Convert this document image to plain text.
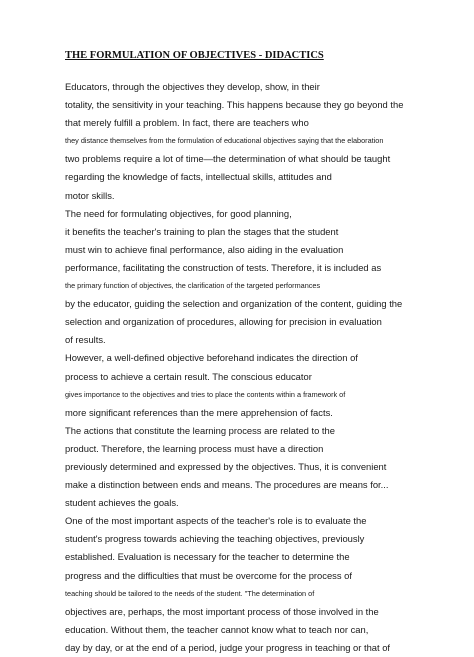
THE FORMULATION OF OBJECTIVES - DIDACTICS
Educators, through the objectives they develop, show, in their
totality, the sensitivity in your teaching. This happens because they go beyond the
that merely fulfill a problem. In fact, there are teachers who
they distance themselves from the formulation of educational objectives saying that the elaboration
two problems require a lot of time—the determination of what should be taught
regarding the knowledge of facts, intellectual skills, attitudes and
motor skills.
The need for formulating objectives, for good planning,
it benefits the teacher's training to plan the stages that the student
must win to achieve final performance, also aiding in the evaluation
performance, facilitating the construction of tests. Therefore, it is included as
the primary function of objectives, the clarification of the targeted performances
by the educator, guiding the selection and organization of the content, guiding the
selection and organization of procedures, allowing for precision in evaluation
of results.
However, a well-defined objective beforehand indicates the direction of
process to achieve a certain result. The conscious educator
gives importance to the objectives and tries to place the contents within a framework of
more significant references than the mere apprehension of facts.
The actions that constitute the learning process are related to the
product. Therefore, the learning process must have a direction
previously determined and expressed by the objectives. Thus, it is convenient
make a distinction between ends and means. The procedures are means for...
student achieves the goals.
One of the most important aspects of the teacher's role is to evaluate the
student's progress towards achieving the teaching objectives, previously
established. Evaluation is necessary for the teacher to determine the
progress and the difficulties that must be overcome for the process of
teaching should be tailored to the needs of the student. "The determination of
objectives are, perhaps, the most important process of those involved in the
education. Without them, the teacher cannot know what to teach nor can,
day by day, or at the end of a period, judge your progress in teaching or that of
